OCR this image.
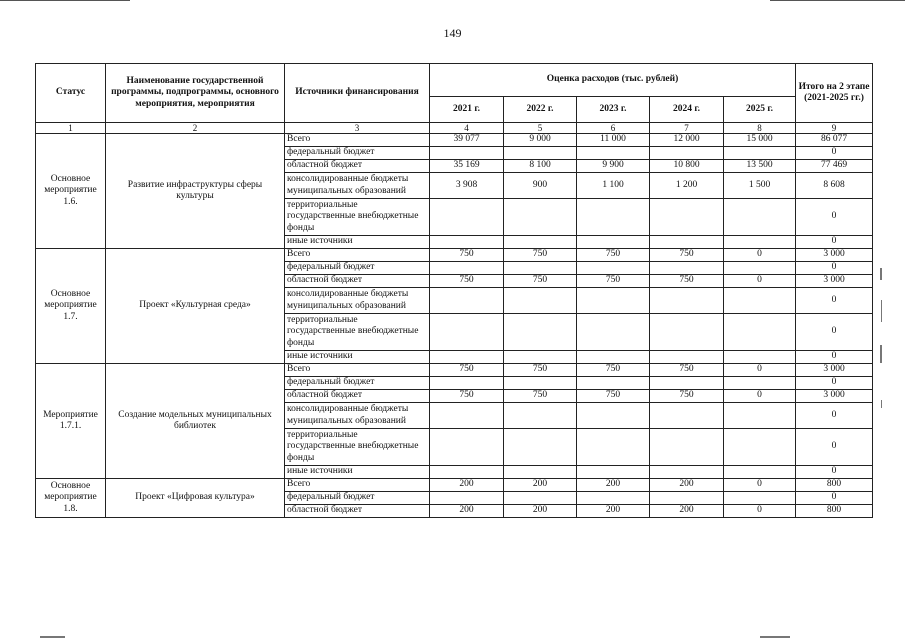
149
Статус	Наименование государственной программы, подпрограммы, основного мероприятия, мероприятия	Источники финансирования	Оценка расходов (тыс. рублей)					Итого на 2 этапе (2021-2025 гг.)
			2021 г.	2022 г.	2023 г.	2024 г.	2025 г.	
1	2	3	4	5	6	7	8	9
Основное мероприятие 1.6.	Развитие инфраструктуры сферы культуры	Всего	39 077	9 000	11 000	12 000	15 000	86 077
		федеральный бюджет						0
		областной бюджет	35 169	8 100	9 900	10 800	13 500	77 469
		консолидированные бюджеты муниципальных образований	3 908	900	1 100	1 200	1 500	8 608
		территориальные государственные внебюджетные фонды						0
		иные источники						0
Основное мероприятие 1.7.	Проект «Культурная среда»	Всего	750	750	750	750	0	3 000
		федеральный бюджет						0
		областной бюджет	750	750	750	750	0	3 000
		консолидированные бюджеты муниципальных образований						0
		территориальные государственные внебюджетные фонды						0
		иные источники						0
Мероприятие 1.7.1.	Создание модельных муниципальных библиотек	Всего	750	750	750	750	0	3 000
		федеральный бюджет						0
		областной бюджет	750	750	750	750	0	3 000
		консолидированные бюджеты муниципальных образований						0
		территориальные государственные внебюджетные фонды						0
		иные источники						0
Основное мероприятие 1.8.	Проект «Цифровая культура»	Всего	200	200	200	200	0	800
		федеральный бюджет						0
		областной бюджет	200	200	200	200	0	800
